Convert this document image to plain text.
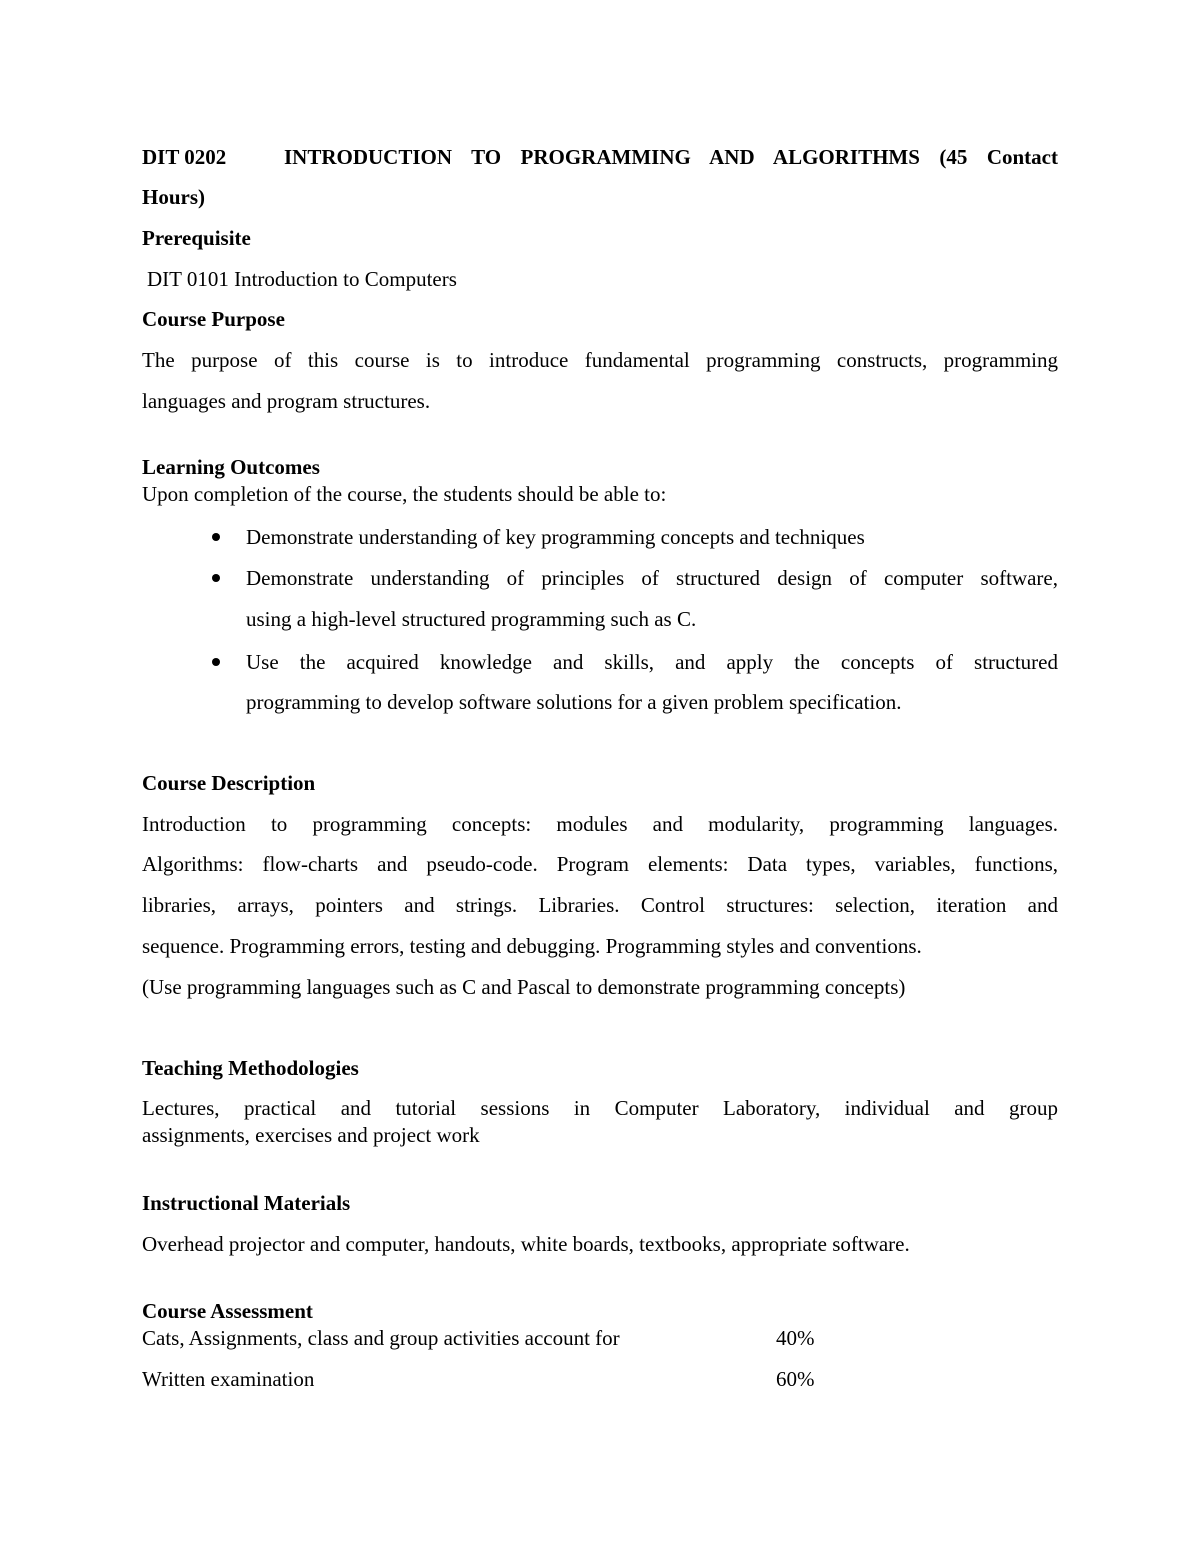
DIT 0202	INTRODUCTION TO PROGRAMMING AND ALGORITHMS (45 Contact
Hours)
Prerequisite
DIT 0101 Introduction to Computers
Course Purpose
The purpose of this course is to introduce fundamental programming constructs, programming
languages and program structures.
Learning Outcomes
Upon completion of the course, the students should be able to:
Demonstrate understanding of key programming concepts and techniques
Demonstrate understanding of principles of structured design of computer software,
using a high-level structured programming such as C.
Use the acquired knowledge and skills, and apply the concepts of structured
programming to develop software solutions for a given problem specification.
Course Description
Introduction to programming concepts: modules and modularity, programming languages.
Algorithms: flow-charts and pseudo-code. Program elements: Data types, variables, functions,
libraries, arrays, pointers and strings. Libraries. Control structures: selection, iteration and
sequence. Programming errors, testing and debugging. Programming styles and conventions.
(Use programming languages such as C and Pascal to demonstrate programming concepts)
Teaching Methodologies
Lectures, practical and tutorial sessions in Computer Laboratory, individual and group
assignments, exercises and project work
Instructional Materials
Overhead projector and computer, handouts, white boards, textbooks, appropriate software.
Course Assessment
Cats, Assignments, class and group activities account for	40%
Written examination	60%
